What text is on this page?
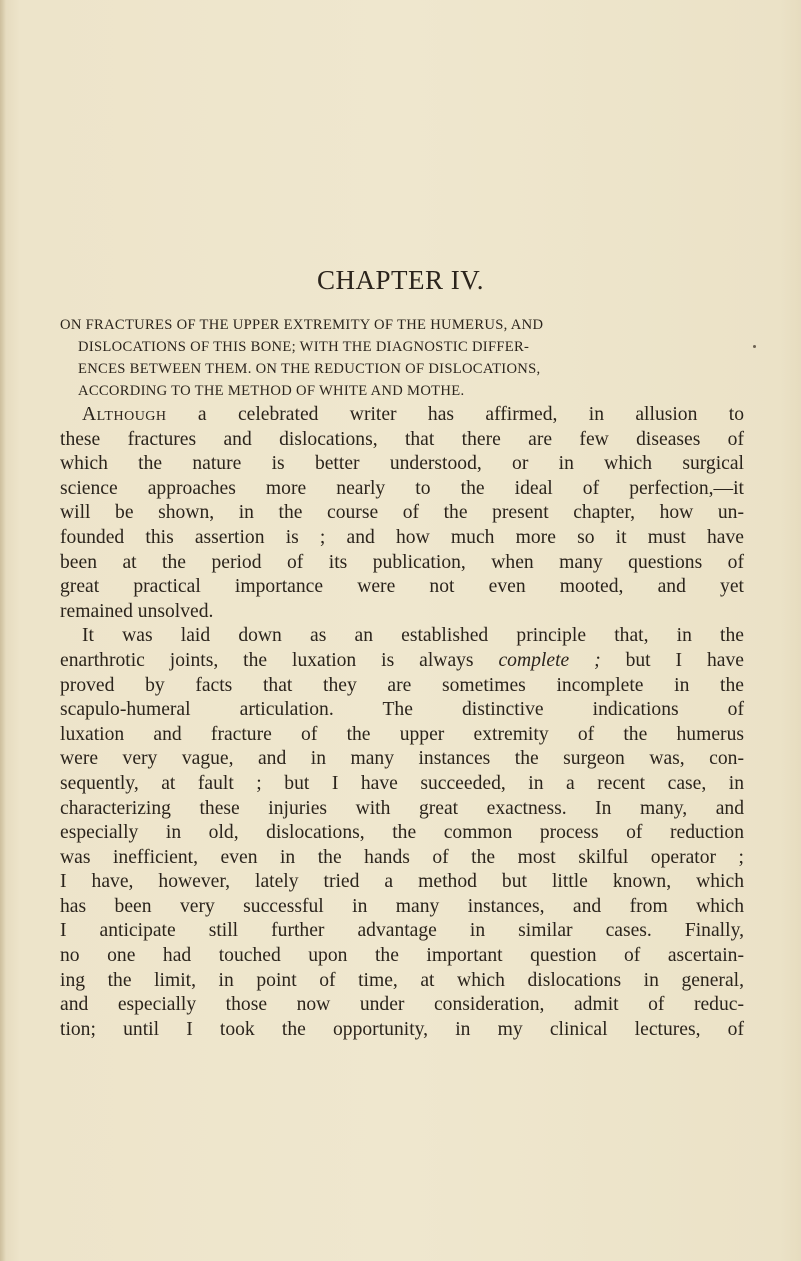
CHAPTER IV.
ON FRACTURES OF THE UPPER EXTREMITY OF THE HUMERUS, AND
DISLOCATIONS OF THIS BONE; WITH THE DIAGNOSTIC DIFFER-
ENCES BETWEEN THEM. ON THE REDUCTION OF DISLOCATIONS,
ACCORDING TO THE METHOD OF WHITE AND MOTHE.
Although a celebrated writer has affirmed, in allusion to
these fractures and dislocations, that there are few diseases of
which the nature is better understood, or in which surgical
science approaches more nearly to the ideal of perfection,—it
will be shown, in the course of the present chapter, how un-
founded this assertion is ; and how much more so it must have
been at the period of its publication, when many questions of
great practical importance were not even mooted, and yet
remained unsolved.
It was laid down as an established principle that, in the
enarthrotic joints, the luxation is always complete ; but I have
proved by facts that they are sometimes incomplete in the
scapulo-humeral articulation. The distinctive indications of
luxation and fracture of the upper extremity of the humerus
were very vague, and in many instances the surgeon was, con-
sequently, at fault ; but I have succeeded, in a recent case, in
characterizing these injuries with great exactness. In many, and
especially in old, dislocations, the common process of reduction
was inefficient, even in the hands of the most skilful operator ;
I have, however, lately tried a method but little known, which
has been very successful in many instances, and from which
I anticipate still further advantage in similar cases. Finally,
no one had touched upon the important question of ascertain-
ing the limit, in point of time, at which dislocations in general,
and especially those now under consideration, admit of reduc-
tion; until I took the opportunity, in my clinical lectures, of
